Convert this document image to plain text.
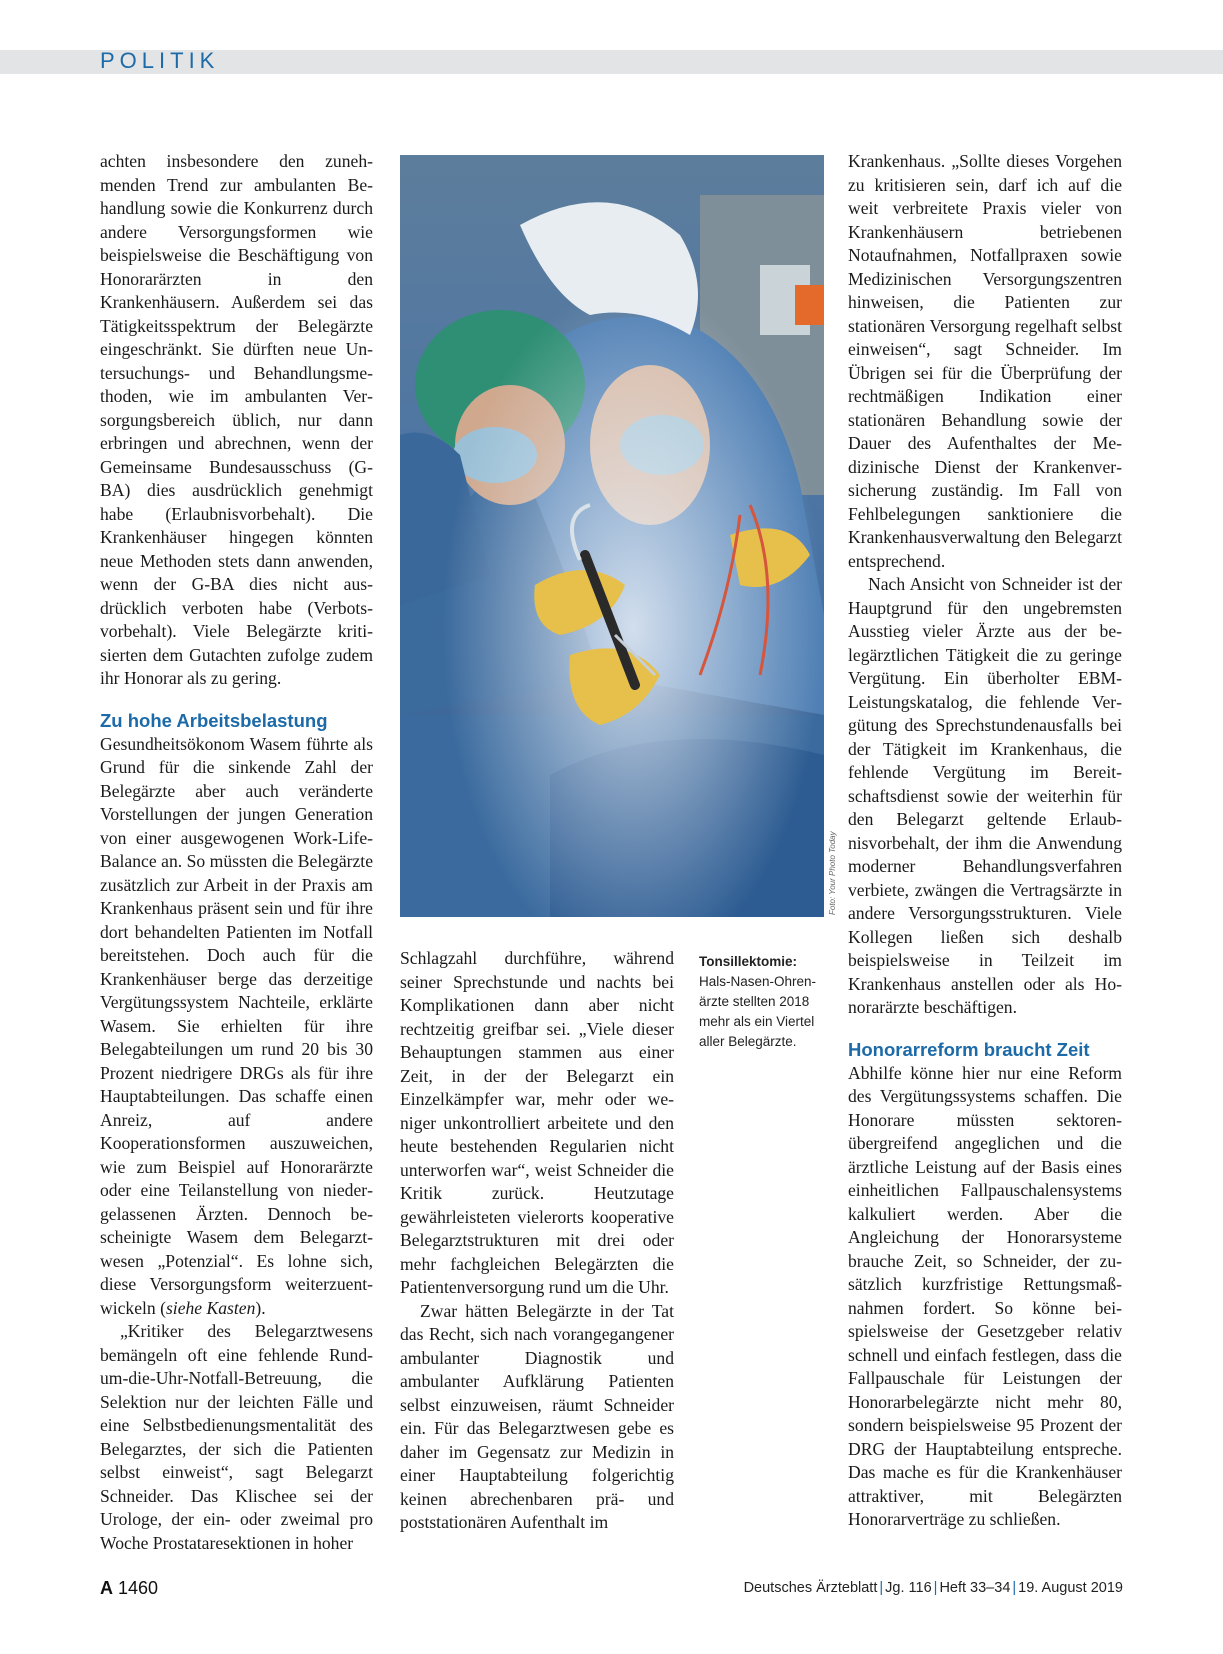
POLITIK

achten insbesondere den zunehmenden Trend zur ambulanten Behandlung sowie die Konkurrenz durch andere Versorgungsformen wie beispielsweise die Beschäftigung von Honorarärzten in den Krankenhäusern. Außerdem sei das Tätigkeitsspektrum der Belegärzte eingeschränkt. Sie dürften neue Untersuchungs- und Behandlungsmethoden, wie im ambulanten Versorgungsbereich üblich, nur dann erbringen und abrechnen, wenn der Gemeinsame Bundesausschuss (G-BA) dies ausdrücklich genehmigt habe (Erlaubnisvorbehalt). Die Krankenhäuser hingegen könnten neue Methoden stets dann anwenden, wenn der G-BA dies nicht ausdrücklich verboten habe (Verbotsvorbehalt). Viele Belegärzte kritisierten dem Gutachten zufolge zudem ihr Honorar als zu gering.

Zu hohe Arbeitsbelastung

Gesundheitsökonom Wasem führte als Grund für die sinkende Zahl der Belegärzte aber auch veränderte Vorstellungen der jungen Generation von einer ausgewogenen Work-Life-Balance an. So müssten die Belegärzte zusätzlich zur Arbeit in der Praxis am Krankenhaus präsent sein und für ihre dort behandelten Patienten im Notfall bereitstehen. Doch auch für die Krankenhäuser berge das derzeitige Vergütungssystem Nachteile, erklärte Wasem. Sie erhielten für ihre Belegabteilungen um rund 20 bis 30 Prozent niedrigere DRGs als für ihre Hauptabteilungen. Das schaffe einen Anreiz, auf andere Kooperationsformen auszuweichen, wie zum Beispiel auf Honorarärzte oder eine Teilanstellung von niedergelassenen Ärzten. Dennoch bescheinigte Wasem dem Belegarztwesen „Potenzial“. Es lohne sich, diese Versorgungsform weiterzuentwickeln (siehe Kasten).

„Kritiker des Belegarztwesens bemängeln oft eine fehlende Rund-um-die-Uhr-Notfall-Betreuung, die Selektion nur der leichten Fälle und eine Selbstbedienungsmentalität des Belegarztes, der sich die Patienten selbst einweist“, sagt Belegarzt Schneider. Das Klischee sei der Urologe, der ein- oder zweimal pro Woche Prostataresektionen in hoher

Foto: Your Photo Today
Tonsillektomie:
Hals-Nasen-Ohrenärzte stellten 2018 mehr als ein Viertel aller Belegärzte.

Schlagzahl durchführe, während seiner Sprechstunde und nachts bei Komplikationen dann aber nicht rechtzeitig greifbar sei. „Viele dieser Behauptungen stammen aus einer Zeit, in der der Belegarzt ein Einzelkämpfer war, mehr oder weniger unkontrolliert arbeitete und den heute bestehenden Regularien nicht unterworfen war“, weist Schneider die Kritik zurück. Heutzutage gewährleisteten vielerorts kooperative Belegarztstrukturen mit drei oder mehr fachgleichen Belegärzten die Patientenversorgung rund um die Uhr.

Zwar hätten Belegärzte in der Tat das Recht, sich nach vorangegangener ambulanter Diagnostik und ambulanter Aufklärung Patienten selbst einzuweisen, räumt Schneider ein. Für das Belegarztwesen gebe es daher im Gegensatz zur Medizin in einer Hauptabteilung folgerichtig keinen abrechenbaren prä- und poststationären Aufenthalt im

Krankenhaus. „Sollte dieses Vorgehen zu kritisieren sein, darf ich auf die weit verbreitete Praxis vieler von Krankenhäusern betriebenen Notaufnahmen, Notfallpraxen sowie Medizinischen Versorgungszentren hinweisen, die Patienten zur stationären Versorgung regelhaft selbst einweisen“, sagt Schneider. Im Übrigen sei für die Überprüfung der rechtmäßigen Indikation einer stationären Behandlung sowie der Dauer des Aufenthaltes der Medizinische Dienst der Krankenversicherung zuständig. Im Fall von Fehlbelegungen sanktioniere die Krankenhausverwaltung den Belegarzt entsprechend.

Nach Ansicht von Schneider ist der Hauptgrund für den ungebremsten Ausstieg vieler Ärzte aus der belegärztlichen Tätigkeit die zu geringe Vergütung. Ein überholter EBM-Leistungskatalog, die fehlende Vergütung des Sprechstundenausfalls bei der Tätigkeit im Krankenhaus, die fehlende Vergütung im Bereitschaftsdienst sowie der weiterhin für den Belegarzt geltende Erlaubnisvorbehalt, der ihm die Anwendung moderner Behandlungsverfahren verbiete, zwängen die Vertragsärzte in andere Versorgungsstrukturen. Viele Kollegen ließen sich deshalb beispielsweise in Teilzeit im Krankenhaus anstellen oder als Honorarärzte beschäftigen.

Honorarreform braucht Zeit

Abhilfe könne hier nur eine Reform des Vergütungssystems schaffen. Die Honorare müssten sektorenübergreifend angeglichen und die ärztliche Leistung auf der Basis eines einheitlichen Fallpauschalensystems kalkuliert werden. Aber die Angleichung der Honorarsysteme brauche Zeit, so Schneider, der zusätzlich kurzfristige Rettungsmaßnahmen fordert. So könne beispielsweise der Gesetzgeber relativ schnell und einfach festlegen, dass die Fallpauschale für Leistungen der Honorarbelegärzte nicht mehr 80, sondern beispielsweise 95 Prozent der DRG der Hauptabteilung entspreche. Das mache es für die Krankenhäuser attraktiver, mit Belegärzten Honorarverträge zu schließen.

A 1460	Deutsches Ärzteblatt | Jg. 116 | Heft 33–34 | 19. August 2019
